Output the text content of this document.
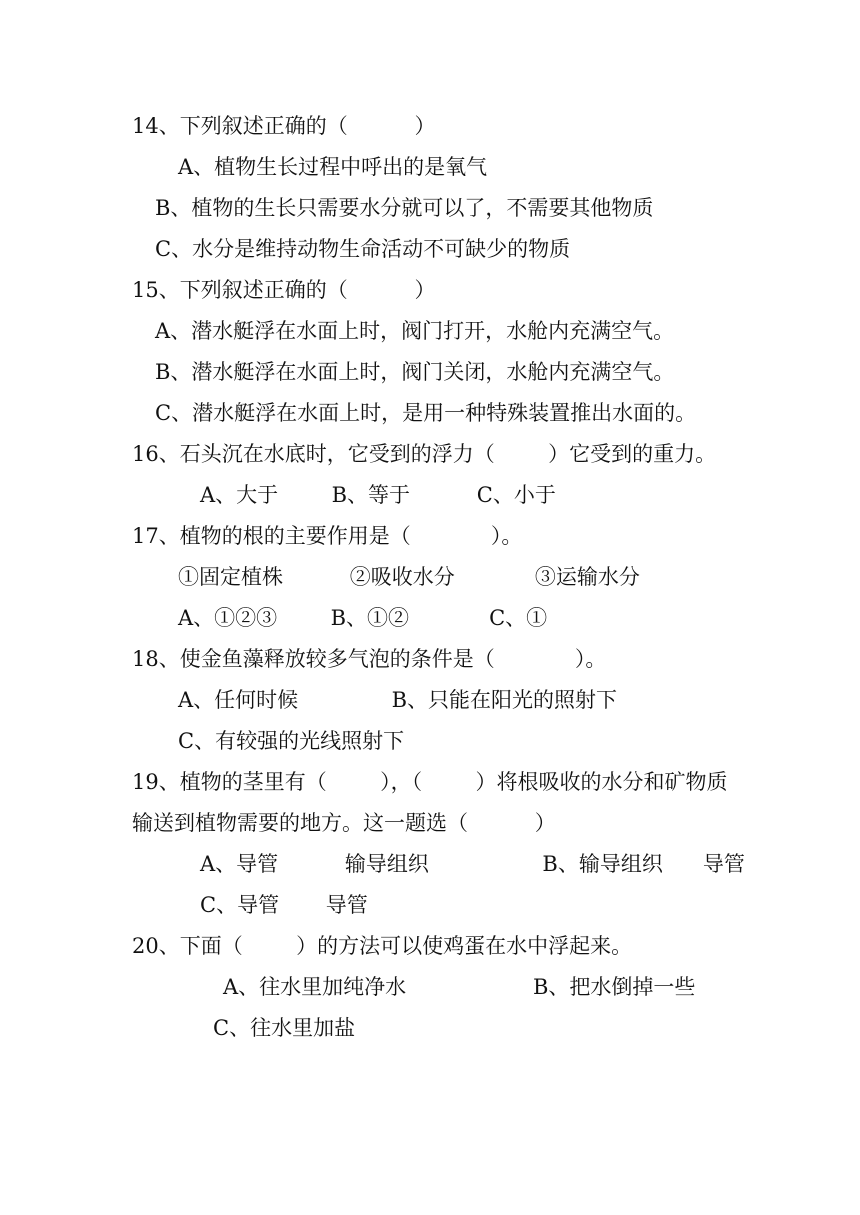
14、下列叙述正确的（          ）
A、植物生长过程中呼出的是氧气
B、植物的生长只需要水分就可以了，不需要其他物质
C、水分是维持动物生命活动不可缺少的物质
15、下列叙述正确的（          ）
A、潜水艇浮在水面上时，阀门打开，水舱内充满空气。
B、潜水艇浮在水面上时，阀门关闭，水舱内充满空气。
C、潜水艇浮在水面上时，是用一种特殊装置推出水面的。
16、石头沉在水底时，它受到的浮力（        ）它受到的重力。
A、大于        B、等于          C、小于
17、植物的根的主要作用是（            ）。
①固定植株          ②吸收水分            ③运输水分
A、①②③        B、①②            C、①
18、使金鱼藻释放较多气泡的条件是（            ）。
A、任何时候              B、只能在阳光的照射下
C、有较强的光线照射下
19、植物的茎里有（        ），（        ）将根吸收的水分和矿物质
输送到植物需要的地方。这一题选（          ）
A、导管          输导组织                 B、输导组织      导管
C、导管       导管
20、下面（        ）的方法可以使鸡蛋在水中浮起来。
A、往水里加纯净水                   B、把水倒掉一些
C、往水里加盐
